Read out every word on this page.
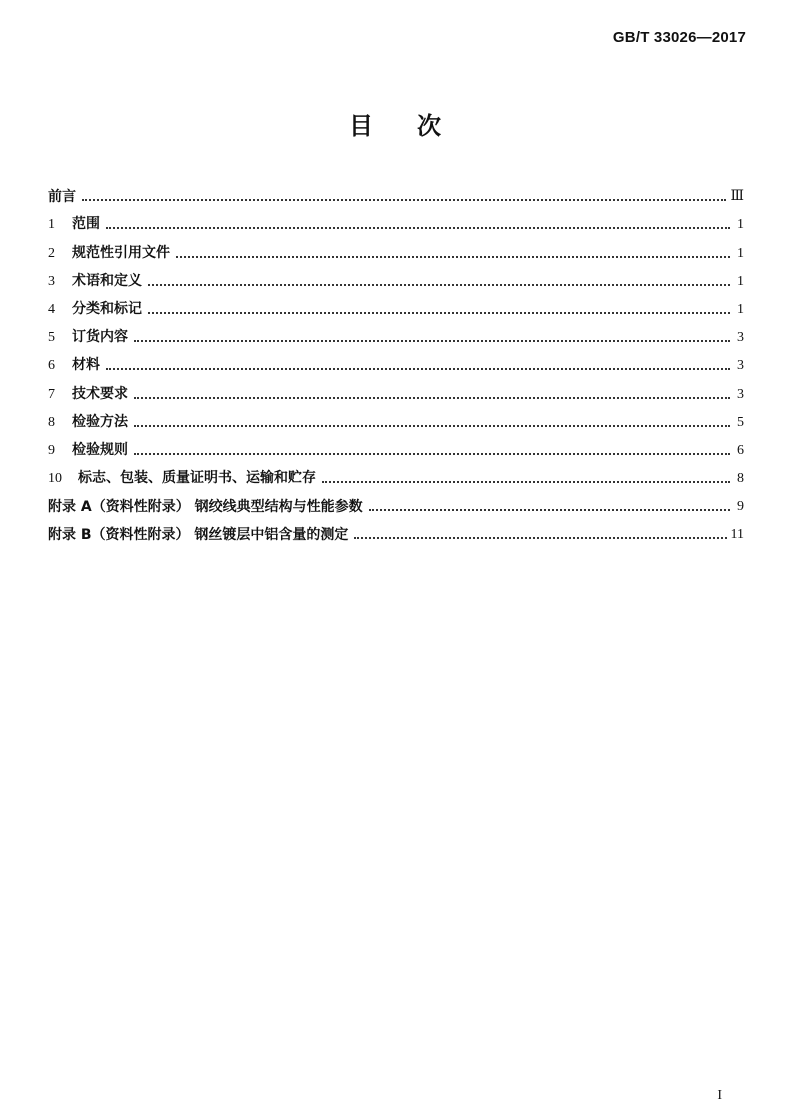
GB/T 33026—2017
目次
前言	Ⅲ
1 范围	1
2 规范性引用文件	1
3 术语和定义	1
4 分类和标记	1
5 订货内容	3
6 材料	3
7 技术要求	3
8 检验方法	5
9 检验规则	6
10 标志、包装、质量证明书、运输和贮存	8
附录 A（资料性附录） 钢绞线典型结构与性能参数	9
附录 B（资料性附录） 钢丝镀层中铝含量的测定	11
I
